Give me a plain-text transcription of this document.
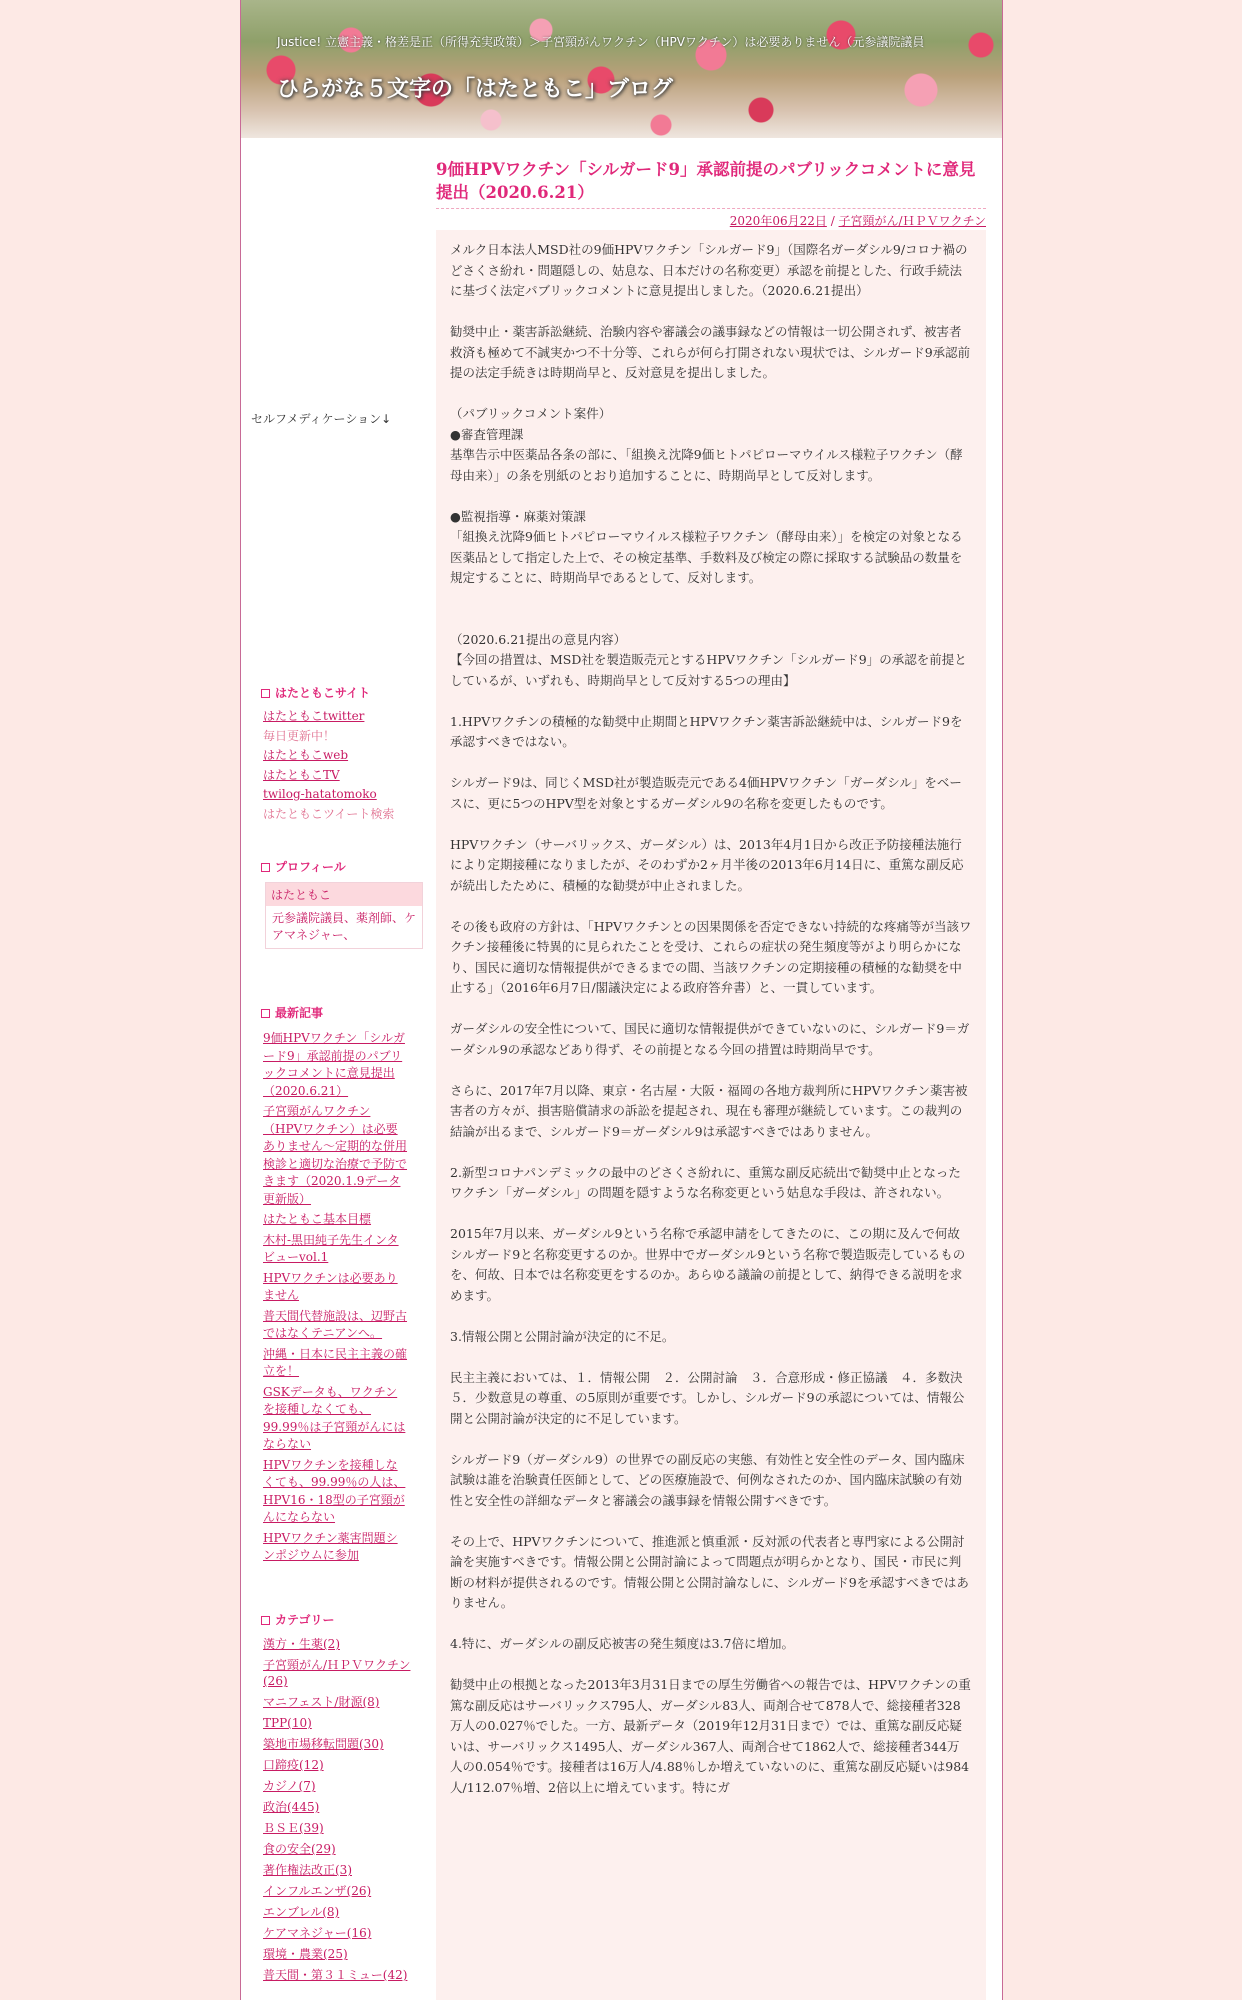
Justice! 立憲主義・格差是正（所得充実政策）＞子宮頸がんワクチン（HPVワクチン）は必要ありません（元参議院議員
ひらがな５文字の「はたともこ」ブログ
セルフメディケーション↓
はたともこサイト
はたともこtwitter
毎日更新中！
はたともこweb
はたともこTV
twilog-hatatomoko
はたともこツイート検索
プロフィール
はたともこ
元参議院議員、薬剤師、ケアマネジャー、
最新記事
9価HPVワクチン「シルガード9」承認前提のパブリックコメントに意見提出（2020.6.21）
子宮頸がんワクチン（HPVワクチン）は必要ありません～定期的な併用検診と適切な治療で予防できます（2020.1.9データ更新版）
はたともこ基本目標
木村-黒田純子先生インタビューvol.1
HPVワクチンは必要ありません
普天間代替施設は、辺野古ではなくテニアンへ。
沖縄・日本に民主主義の確立を！
GSKデータも、ワクチンを接種しなくても、99.99％は子宮頸がんにはならない
HPVワクチンを接種しなくても、99.99％の人は、HPV16・18型の子宮頸がんにならない
HPVワクチン薬害問題シンポジウムに参加
カテゴリー
漢方・生薬(2)
子宮頸がん/ＨＰＶワクチン(26)
マニフェスト/財源(8)
TPP(10)
築地市場移転問題(30)
口蹄疫(12)
カジノ(7)
政治(445)
ＢＳＥ(39)
食の安全(29)
著作権法改正(3)
インフルエンザ(26)
エンブレル(8)
ケアマネジャー(16)
環境・農業(25)
普天間・第３１ミュー(42)
9価HPVワクチン「シルガード9」承認前提のパブリックコメントに意見提出（2020.6.21）
2020年06月22日 / 子宮頸がん/ＨＰＶワクチン

メルク日本法人MSD社の9価HPVワクチン「シルガード9」（国際名ガーダシル9/コロナ禍のどさくさ紛れ・問題隠しの、姑息な、日本だけの名称変更）承認を前提とした、行政手続法に基づく法定パブリックコメントに意見提出しました。（2020.6.21提出）

勧奨中止・薬害訴訟継続、治験内容や審議会の議事録などの情報は一切公開されず、被害者救済も極めて不誠実かつ不十分等、これらが何ら打開されない現状では、シルガード9承認前提の法定手続きは時期尚早と、反対意見を提出しました。

（パブリックコメント案件）
●審査管理課
基準告示中医薬品各条の部に、「組換え沈降9価ヒトパピローマウイルス様粒子ワクチン（酵母由来）」の条を別紙のとおり追加することに、時期尚早として反対します。

●監視指導・麻薬対策課
「組換え沈降9価ヒトパピローマウイルス様粒子ワクチン（酵母由来）」を検定の対象となる医薬品として指定した上で、その検定基準、手数料及び検定の際に採取する試験品の数量を規定することに、時期尚早であるとして、反対します。

（2020.6.21提出の意見内容）
【今回の措置は、MSD社を製造販売元とするHPVワクチン「シルガード9」の承認を前提としているが、いずれも、時期尚早として反対する5つの理由】

1.HPVワクチンの積極的な勧奨中止期間とHPVワクチン薬害訴訟継続中は、シルガード9を承認すべきではない。

シルガード9は、同じくMSD社が製造販売元である4価HPVワクチン「ガーダシル」をベースに、更に5つのHPV型を対象とするガーダシル9の名称を変更したものです。

HPVワクチン（サーバリックス、ガーダシル）は、2013年4月1日から改正予防接種法施行により定期接種になりましたが、そのわずか2ヶ月半後の2013年6月14日に、重篤な副反応が続出したために、積極的な勧奨が中止されました。

その後も政府の方針は、「HPVワクチンとの因果関係を否定できない持続的な疼痛等が当該ワクチン接種後に特異的に見られたことを受け、これらの症状の発生頻度等がより明らかになり、国民に適切な情報提供ができるまでの間、当該ワクチンの定期接種の積極的な勧奨を中止する」（2016年6月7日/閣議決定による政府答弁書）と、一貫しています。

ガーダシルの安全性について、国民に適切な情報提供ができていないのに、シルガード9＝ガーダシル9の承認などあり得ず、その前提となる今回の措置は時期尚早です。

さらに、2017年7月以降、東京・名古屋・大阪・福岡の各地方裁判所にHPVワクチン薬害被害者の方々が、損害賠償請求の訴訟を提起され、現在も審理が継続しています。この裁判の結論が出るまで、シルガード9＝ガーダシル9は承認すべきではありません。

2.新型コロナパンデミックの最中のどさくさ紛れに、重篤な副反応続出で勧奨中止となったワクチン「ガーダシル」の問題を隠すような名称変更という姑息な手段は、許されない。

2015年7月以来、ガーダシル9という名称で承認申請をしてきたのに、この期に及んで何故シルガード9と名称変更するのか。世界中でガーダシル9という名称で製造販売しているものを、何故、日本では名称変更をするのか。あらゆる議論の前提として、納得できる説明を求めます。

3.情報公開と公開討論が決定的に不足。

民主主義においては、１．情報公開　２．公開討論　３．合意形成・修正協議　４．多数決　５．少数意見の尊重、の5原則が重要です。しかし、シルガード9の承認については、情報公開と公開討論が決定的に不足しています。

シルガード9（ガーダシル9）の世界での副反応の実態、有効性と安全性のデータ、国内臨床試験は誰を治験責任医師として、どの医療施設で、何例なされたのか、国内臨床試験の有効性と安全性の詳細なデータと審議会の議事録を情報公開すべきです。

その上で、HPVワクチンについて、推進派と慎重派・反対派の代表者と専門家による公開討論を実施すべきです。情報公開と公開討論によって問題点が明らかとなり、国民・市民に判断の材料が提供されるのです。情報公開と公開討論なしに、シルガード9を承認すべきではありません。

4.特に、ガーダシルの副反応被害の発生頻度は3.7倍に増加。

勧奨中止の根拠となった2013年3月31日までの厚生労働省への報告では、HPVワクチンの重篤な副反応はサーバリックス795人、ガーダシル83人、両剤合せて878人で、総接種者328万人の0.027％でした。一方、最新データ（2019年12月31日まで）では、重篤な副反応疑いは、サーバリックス1495人、ガーダシル367人、両剤合せて1862人で、総接種者344万人の0.054％です。接種者は16万人/4.88％しか増えていないのに、重篤な副反応疑いは984人/112.07％増、2倍以上に増えています。特にガ
